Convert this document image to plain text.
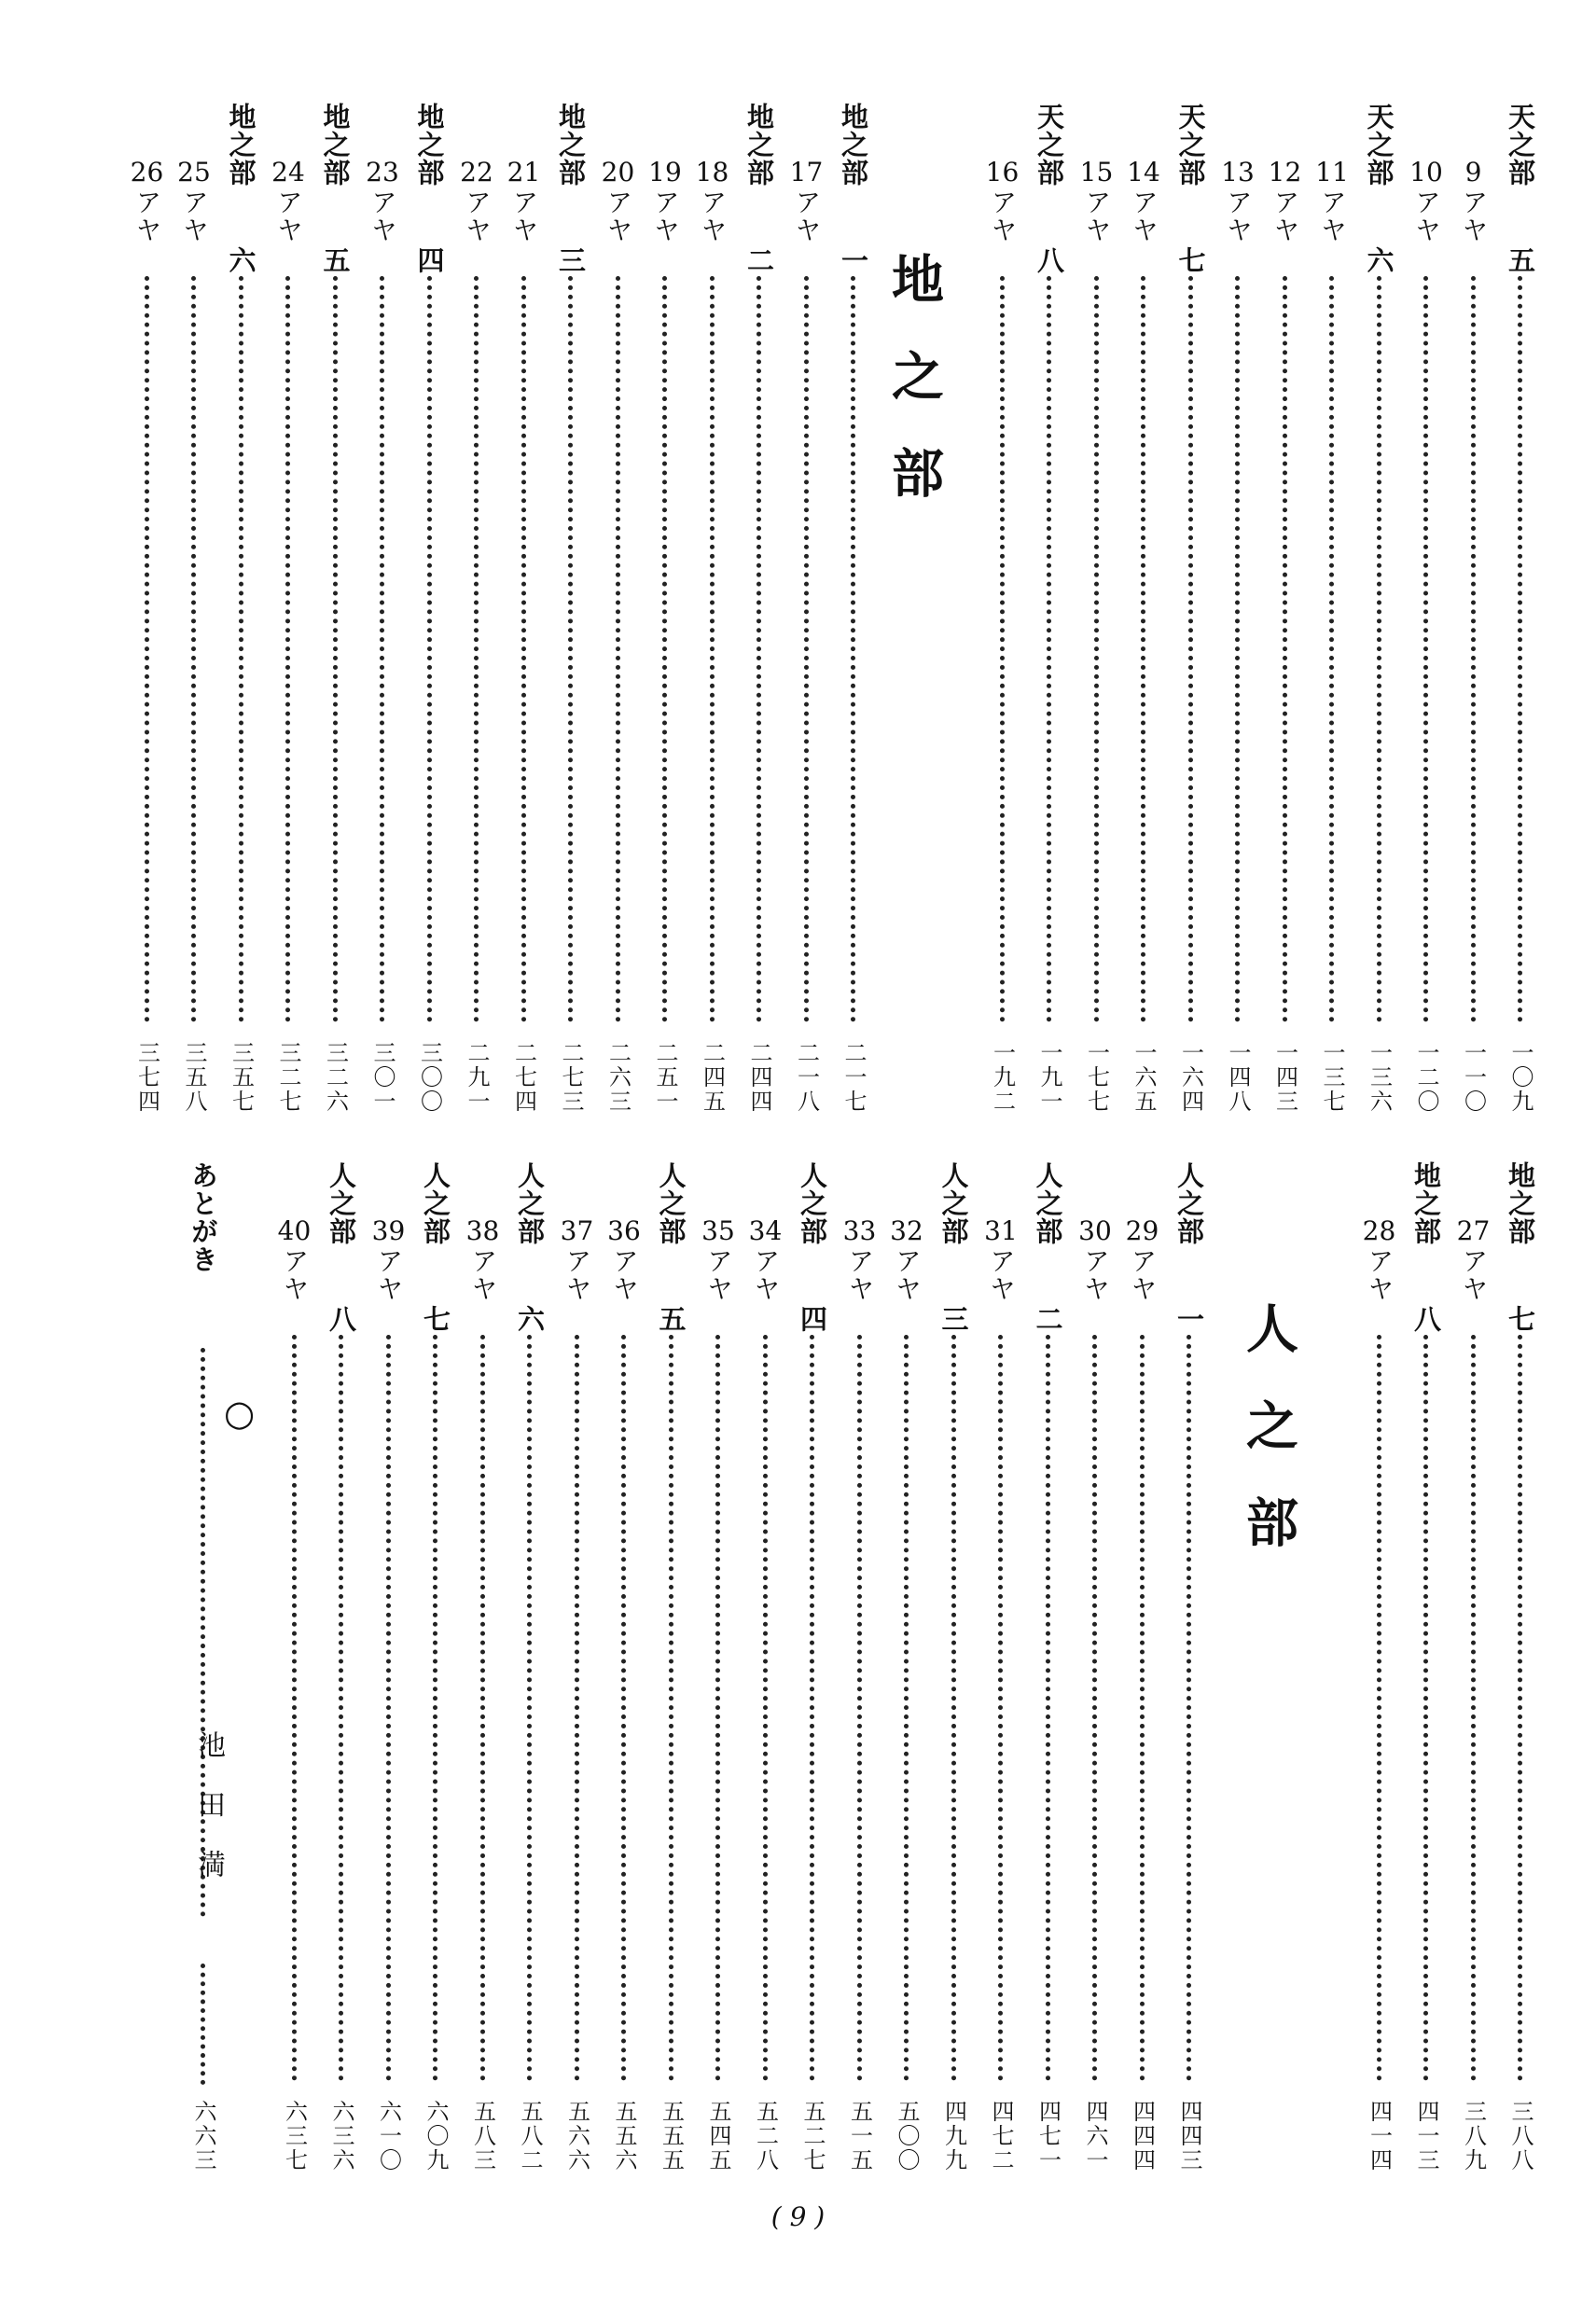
天之部
五
一〇九
9
アヤ
一一〇
10
アヤ
一二〇
天之部
六
一三六
11
アヤ
一三七
12
アヤ
一四三
13
アヤ
一四八
天之部
七
一六四
14
アヤ
一六五
15
アヤ
一七七
天之部
八
一九一
16
アヤ
一九二
地之部
地之部
一
二一七
17
アヤ
二一八
地之部
二
二四四
18
アヤ
二四五
19
アヤ
二五一
20
アヤ
二六三
地之部
三
二七三
21
アヤ
二七四
22
アヤ
二九一
地之部
四
三〇〇
23
アヤ
三〇一
地之部
五
三二六
24
アヤ
三二七
地之部
六
三五七
25
アヤ
三五八
26
アヤ
三七四
地之部
七
三八八
27
アヤ
三八九
地之部
八
四一三
28
アヤ
四一四
人之部
人之部
一
四四三
29
アヤ
四四四
30
アヤ
四六一
人之部
二
四七一
31
アヤ
四七二
人之部
三
四九九
32
アヤ
五〇〇
33
アヤ
五一五
人之部
四
五二七
34
アヤ
五二八
35
アヤ
五四五
人之部
五
五五五
36
アヤ
五五六
37
アヤ
五六六
人之部
六
五八二
38
アヤ
五八三
人之部
七
六〇九
39
アヤ
六一〇
人之部
八
六三六
40
アヤ
六三七
○
あとがき
池田満
六六三
( 9 )
